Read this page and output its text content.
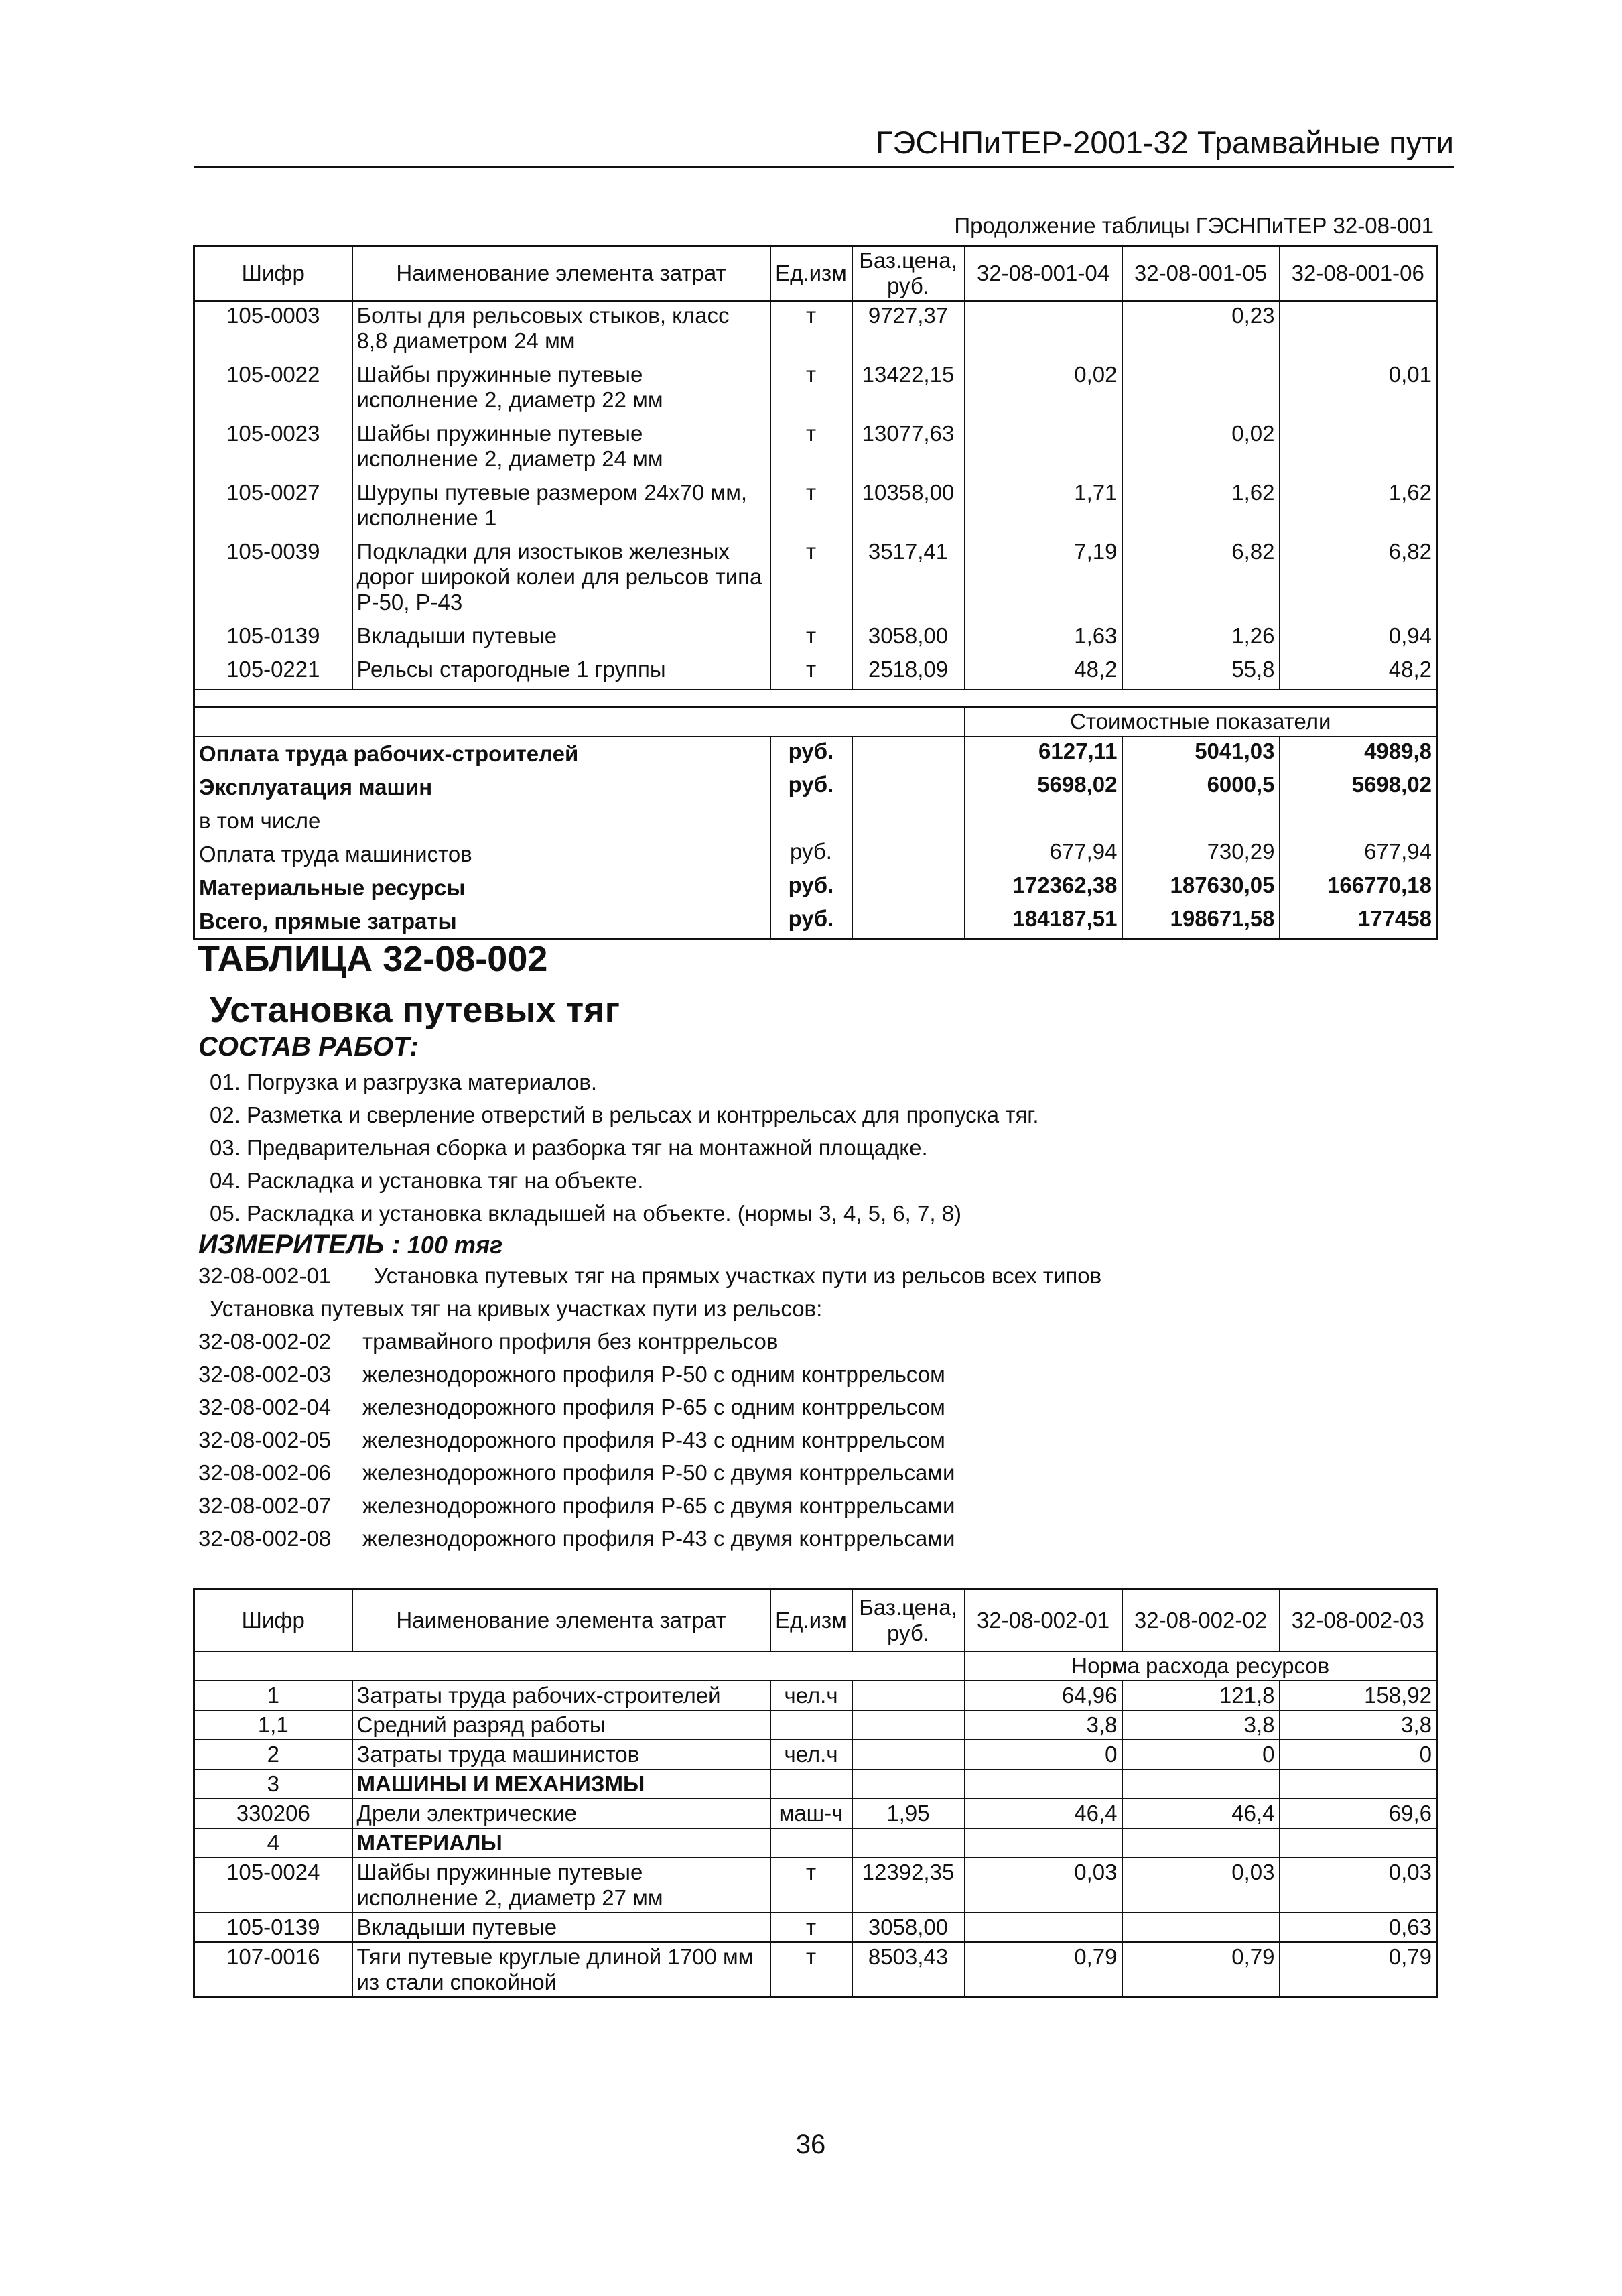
ГЭСНПиТЕР-2001-32 Трамвайные пути
Продолжение таблицы ГЭСНПиТЕР 32-08-001
Шифр	Наименование элемента затрат	Ед.изм	Баз.цена, руб.	32-08-001-04	32-08-001-05	32-08-001-06
105-0003	Болты для рельсовых стыков, класс 8,8 диаметром 24 мм	т	9727,37		0,23	
105-0022	Шайбы пружинные путевые исполнение 2, диаметр 22 мм	т	13422,15	0,02		0,01
105-0023	Шайбы пружинные путевые исполнение 2, диаметр 24 мм	т	13077,63		0,02	
105-0027	Шурупы путевые размером 24x70 мм, исполнение 1	т	10358,00	1,71	1,62	1,62
105-0039	Подкладки для изостыков железных дорог широкой колеи для рельсов типа Р-50, Р-43	т	3517,41	7,19	6,82	6,82
105-0139	Вкладыши путевые	т	3058,00	1,63	1,26	0,94
105-0221	Рельсы старогодные 1 группы	т	2518,09	48,2	55,8	48,2

				Стоимостные показатели		
Оплата труда рабочих-строителей		руб.		6127,11	5041,03	4989,8
Эксплуатация машин		руб.		5698,02	6000,5	5698,02
в том числе						
Оплата труда машинистов		руб.		677,94	730,29	677,94
Материальные ресурсы		руб.		172362,38	187630,05	166770,18
Всего, прямые затраты		руб.		184187,51	198671,58	177458
ТАБЛИЦА 32-08-002
Установка путевых тяг
СОСТАВ РАБОТ:
01. Погрузка и разгрузка материалов.
02. Разметка и сверление отверстий в рельсах и контррельсах для пропуска тяг.
03. Предварительная сборка и разборка тяг на монтажной площадке.
04. Раскладка и установка тяг на объекте.
05. Раскладка и установка вкладышей на объекте. (нормы 3, 4, 5, 6, 7, 8)
ИЗМЕРИТЕЛЬ : 100 тяг
32-08-002-01 Установка путевых тяг на прямых участках пути из рельсов всех типов
Установка путевых тяг на кривых участках пути из рельсов:
32-08-002-02 трамвайного профиля без контррельсов
32-08-002-03 железнодорожного профиля Р-50 с одним контррельсом
32-08-002-04 железнодорожного профиля Р-65 с одним контррельсом
32-08-002-05 железнодорожного профиля Р-43 с одним контррельсом
32-08-002-06 железнодорожного профиля Р-50 с двумя контррельсами
32-08-002-07 железнодорожного профиля Р-65 с двумя контррельсами
32-08-002-08 железнодорожного профиля Р-43 с двумя контррельсами
Шифр	Наименование элемента затрат	Ед.изм	Баз.цена, руб.	32-08-002-01	32-08-002-02	32-08-002-03
				Норма расхода ресурсов		
1	Затраты труда рабочих-строителей	чел.ч		64,96	121,8	158,92
1,1	Средний разряд работы			3,8	3,8	3,8
2	Затраты труда машинистов	чел.ч		0	0	0
3	МАШИНЫ И МЕХАНИЗМЫ					
330206	Дрели электрические	маш-ч	1,95	46,4	46,4	69,6
4	МАТЕРИАЛЫ					
105-0024	Шайбы пружинные путевые исполнение 2, диаметр 27 мм	т	12392,35	0,03	0,03	0,03
105-0139	Вкладыши путевые	т	3058,00			0,63
107-0016	Тяги путевые круглые длиной 1700 мм из стали спокойной	т	8503,43	0,79	0,79	0,79
36
